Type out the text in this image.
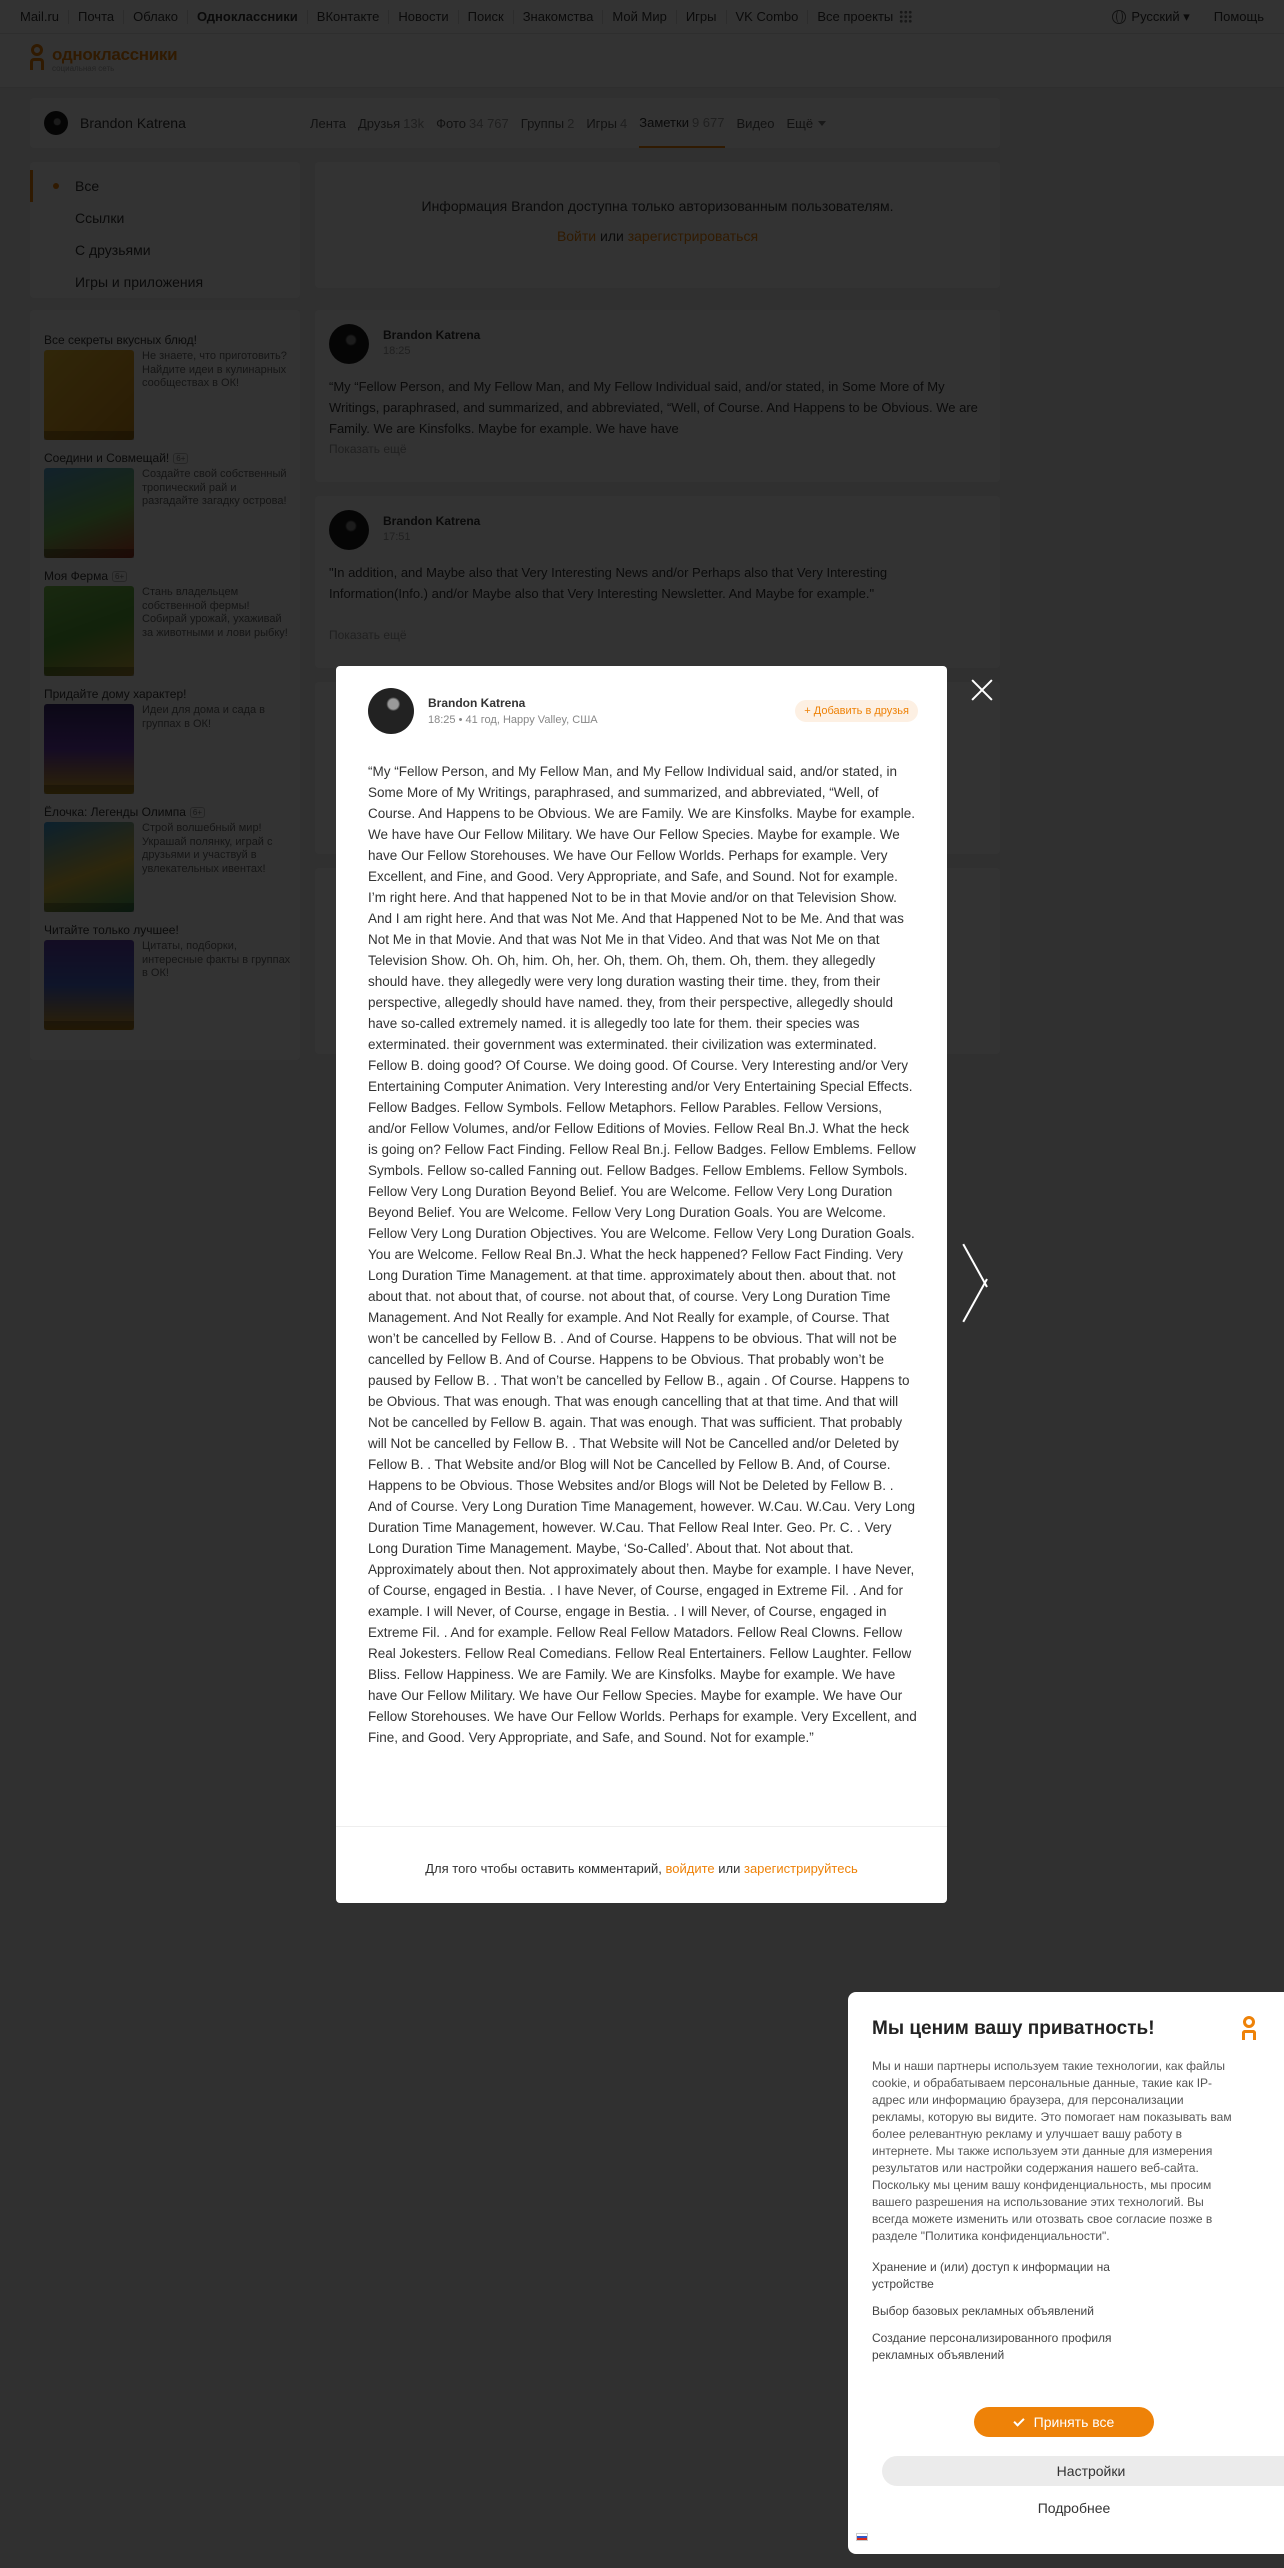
Brandon Katrena
18:25 • 41 год, Happy Valley, США
+ Добавить в друзья
“My “Fellow Person, and My Fellow Man, and My Fellow Individual said, and/or stated, in Some More of My Writings, paraphrased, and summarized, and abbreviated, “Well, of Course. And Happens to be Obvious. We are Family. We are Kinsfolks. Maybe for example. We have have Our Fellow Military. We have Our Fellow Species. Maybe for example. We have Our Fellow Storehouses. We have Our Fellow Worlds. Perhaps for example. Very Excellent, and Fine, and Good. Very Appropriate, and Safe, and Sound. Not for example. I’m right here. And that happened Not to be in that Movie and/or on that Television Show. And I am right here. And that was Not Me. And that Happened Not to be Me. And that was Not Me in that Movie. And that was Not Me in that Video. And that was Not Me on that Television Show. Oh. Oh, him. Oh, her. Oh, them. Oh, them. Oh, them. they allegedly should have. they allegedly were very long duration wasting their time. they, from their perspective, allegedly should have named. they, from their perspective, allegedly should have so-called extremely named. it is allegedly too late for them. their species was exterminated. their government was exterminated. their civilization was exterminated. Fellow B. doing good? Of Course. We doing good. Of Course. Very Interesting and/or Very Entertaining Computer Animation. Very Interesting and/or Very Entertaining Special Effects. Fellow Badges. Fellow Symbols. Fellow Metaphors. Fellow Parables. Fellow Versions, and/or Fellow Volumes, and/or Fellow Editions of Movies. Fellow Real Bn.J. What the heck is going on? Fellow Fact Finding. Fellow Real Bn.j. Fellow Badges. Fellow Emblems. Fellow Symbols. Fellow so-called Fanning out. Fellow Badges. Fellow Emblems. Fellow Symbols. Fellow Very Long Duration Beyond Belief. You are Welcome. Fellow Very Long Duration Beyond Belief. You are Welcome. Fellow Very Long Duration Goals. You are Welcome. Fellow Very Long Duration Objectives. You are Welcome. Fellow Very Long Duration Goals. You are Welcome. Fellow Real Bn.J. What the heck happened? Fellow Fact Finding. Very Long Duration Time Management. at that time. approximately about then. about that. not about that. not about that, of course. not about that, of course. Very Long Duration Time Management. And Not Really for example. And Not Really for example, of Course. That won’t be cancelled by Fellow B. . And of Course. Happens to be obvious. That will not be cancelled by Fellow B. And of Course. Happens to be Obvious. That probably won’t be paused by Fellow B. . That won’t be cancelled by Fellow B., again . Of Course. Happens to be Obvious. That was enough. That was enough cancelling that at that time. And that will Not be cancelled by Fellow B. again. That was enough. That was sufficient. That probably will Not be cancelled by Fellow B. . That Website will Not be Cancelled and/or Deleted by Fellow B. . That Website and/or Blog will Not be Cancelled by Fellow B. And, of Course. Happens to be Obvious. Those Websites and/or Blogs will Not be Deleted by Fellow B. . And of Course. Very Long Duration Time Management, however. W.Cau. W.Cau. Very Long Duration Time Management, however. W.Cau. That Fellow Real Inter. Geo. Pr. C. . Very Long Duration Time Management. Maybe, ‘So-Called’. About that. Not about that. Approximately about then. Not approximately about then. Maybe for example. I have Never, of Course, engaged in Bestia. . I have Never, of Course, engaged in Extreme Fil. . And for example. I will Never, of Course, engage in Bestia. . I will Never, of Course, engaged in Extreme Fil. . And for example. Fellow Real Fellow Matadors. Fellow Real Clowns. Fellow Real Jokesters. Fellow Real Comedians. Fellow Real Entertainers. Fellow Laughter. Fellow Bliss. Fellow Happiness. We are Family. We are Kinsfolks. Maybe for example. We have have Our Fellow Military. We have Our Fellow Species. Maybe for example. We have Our Fellow Storehouses. We have Our Fellow Worlds. Perhaps for example. Very Excellent, and Fine, and Good. Very Appropriate, and Safe, and Sound. Not for example.”
Для того чтобы оставить комментарий, войдите или зарегистрируйтесь
Мы ценим вашу приватность!
Мы и наши партнеры используем такие технологии, как файлы cookie, и обрабатываем персональные данные, такие как IP-адрес или информацию браузера, для персонализации рекламы, которую вы видите. Это помогает нам показывать вам более релевантную рекламу и улучшает вашу работу в интернете. Мы также используем эти данные для измерения результатов или настройки содержания нашего веб-сайта. Поскольку мы ценим вашу конфиденциальность, мы просим вашего разрешения на использование этих технологий. Вы всегда можете изменить или отозвать свое согласие позже в разделе "Политика конфиденциальности".
Хранение и (или) доступ к информации на устройстве
Выбор базовых рекламных объявлений
Создание персонализированного профиля рекламных объявлений
Принять все
Настройки
Подробнее
